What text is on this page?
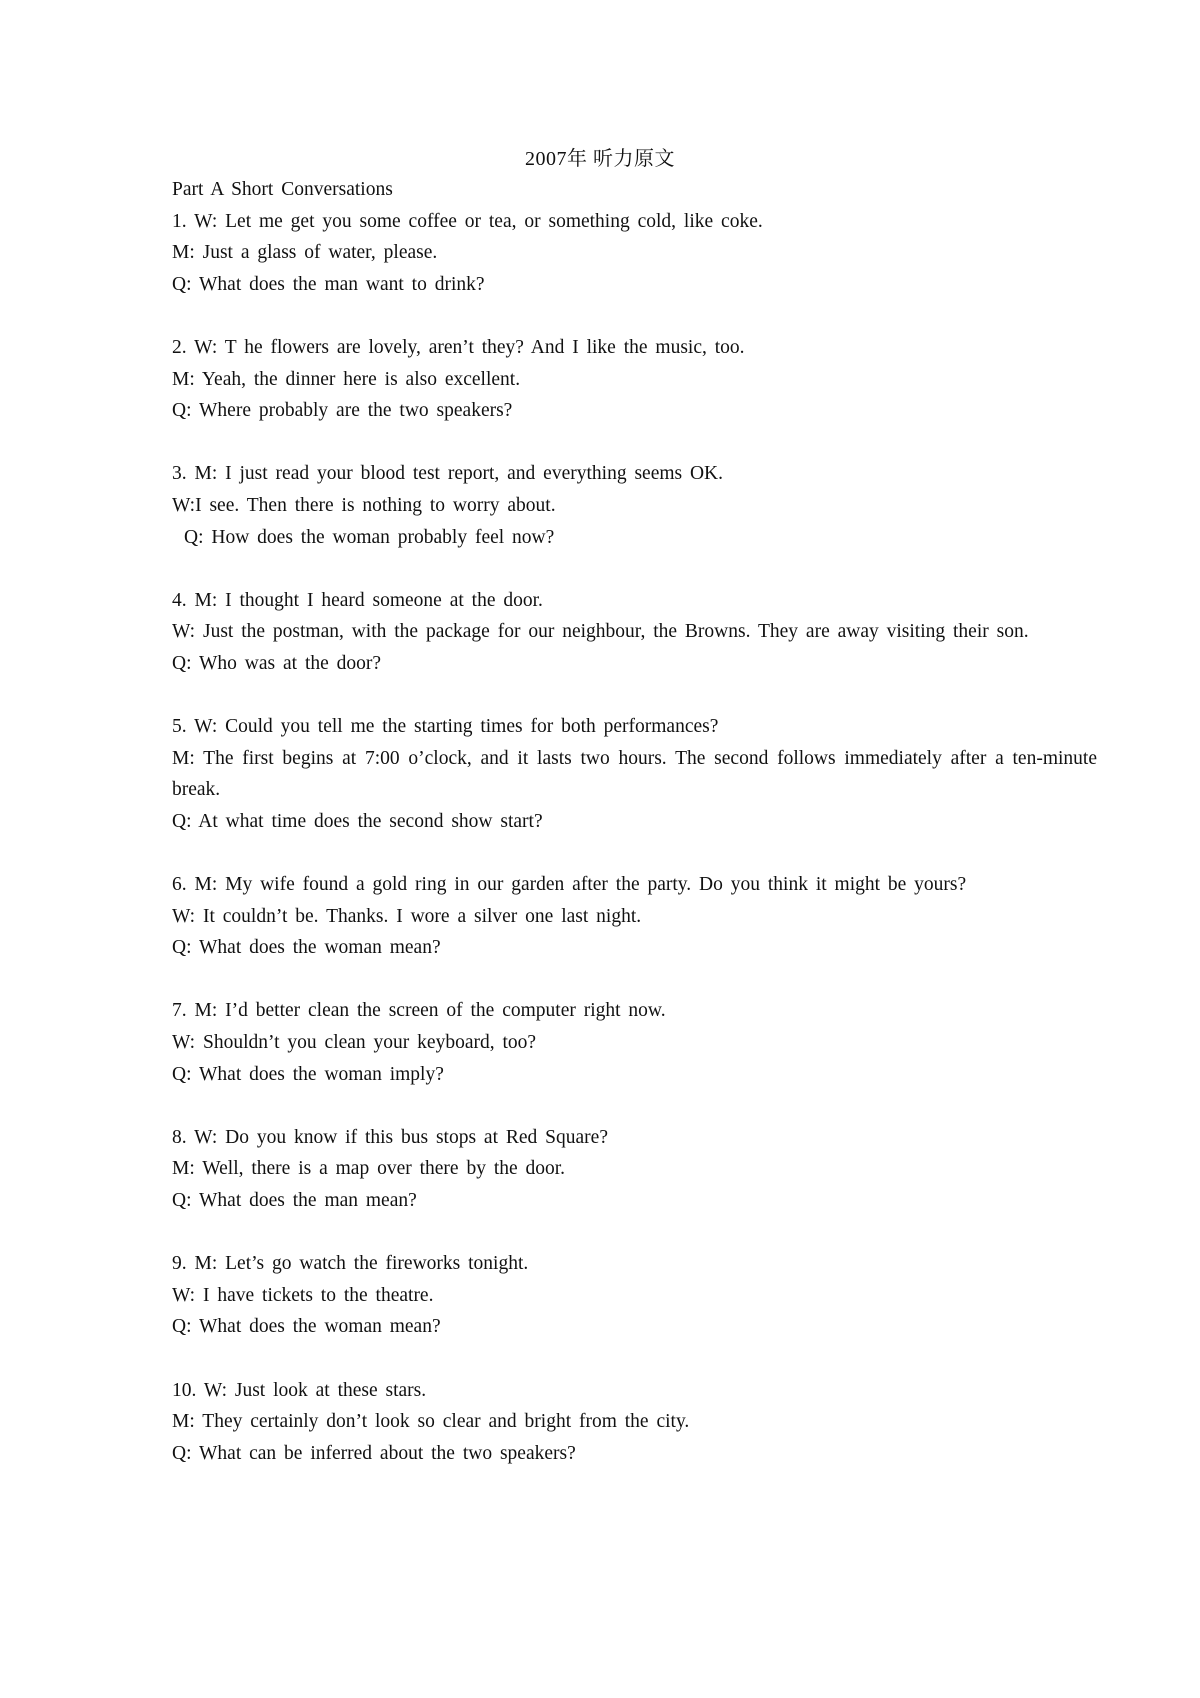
2007年 听力原文
Part A Short Conversations
1. W: Let me get you some coffee or tea, or something cold, like coke.
M: Just a glass of water, please.
Q: What does the man want to drink?
2. W: T he flowers are lovely, aren’t they? And I like the music, too.
M: Yeah, the dinner here is also excellent.
Q: Where probably are the two speakers?
3. M: I just read your blood test report, and everything seems OK.
W:I see. Then there is nothing to worry about.
Q: How does the woman probably feel now?
4. M: I thought I heard someone at the door.
W: Just the postman, with the package for our neighbour, the Browns. They are away visiting their son.
Q: Who was at the door?
5. W: Could you tell me the starting times for both performances?
M: The first begins at 7:00 o’clock, and it lasts two hours. The second follows immediately after a ten-minute break.
Q: At what time does the second show start?
6. M: My wife found a gold ring in our garden after the party. Do you think it might be yours?
W: It couldn’t be. Thanks. I wore a silver one last night.
Q: What does the woman mean?
7. M: I’d better clean the screen of the computer right now.
W: Shouldn’t you clean your keyboard, too?
Q: What does the woman imply?
8. W: Do you know if this bus stops at Red Square?
M: Well, there is a map over there by the door.
Q: What does the man mean?
9. M: Let’s go watch the fireworks tonight.
W: I have tickets to the theatre.
Q: What does the woman mean?
10. W: Just look at these stars.
M: They certainly don’t look so clear and bright from the city.
Q: What can be inferred about the two speakers?
